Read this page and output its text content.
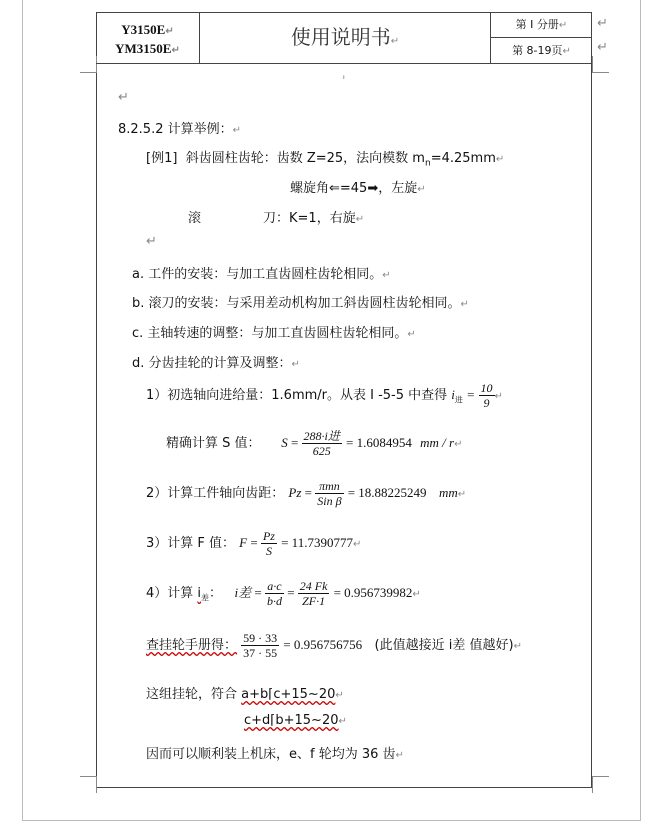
Y3150E↵
YM3150E↵
使用说明书↵
第 I 分册↵
第 8-19页↵
↵
↵
ˌ
↵
8.2.5.2 计算举例：↵
[例1] 斜齿圆柱齿轮：齿数 Z=25，法向模数 $m_n=4.25mm↵$
螺旋角⇐=45➡，左旋↵
滚	刀：K=1，右旋↵
↵
a. 工件的安装：与加工直齿圆柱齿轮相同。↵
b. 滚刀的安装：与采用差动机构加工斜齿圆柱齿轮相同。↵
c. 主轴转速的调整：与加工直齿圆柱齿轮相同。↵
d. 分齿挂轮的计算及调整：↵
1）初选轴向进给量：1.6mm/r。从表 I -5-5 中查得 $i_进 = \frac{10}{9}$ ↵
精确计算 S 值： S = 288·i进
625
= 1.6084954 mm / r↵
2）计算工件轴向齿距： Pz = πmn
Sin β
= 18.88225249 mm↵
3）计算 F 值： $F = \frac{Pz}{S}$ = 11.7390777↵
4）计算 $i_差$： i差 = $\frac{a\cdot c}{b\cdot d} = \frac{24 Fk}{ZF\cdot 1}$ = 0.956739982↵
查挂轮手册得： $\frac{59 \cdot 33}{37 \cdot 55} = 0.956756756$ (此值越接近 i差 值越好)↵
这组挂轮，符合 a+b⌈c+15~20↵
c+d⌈b+15~20↵
因而可以顺利装上机床，e、f 轮均为 36 齿↵
